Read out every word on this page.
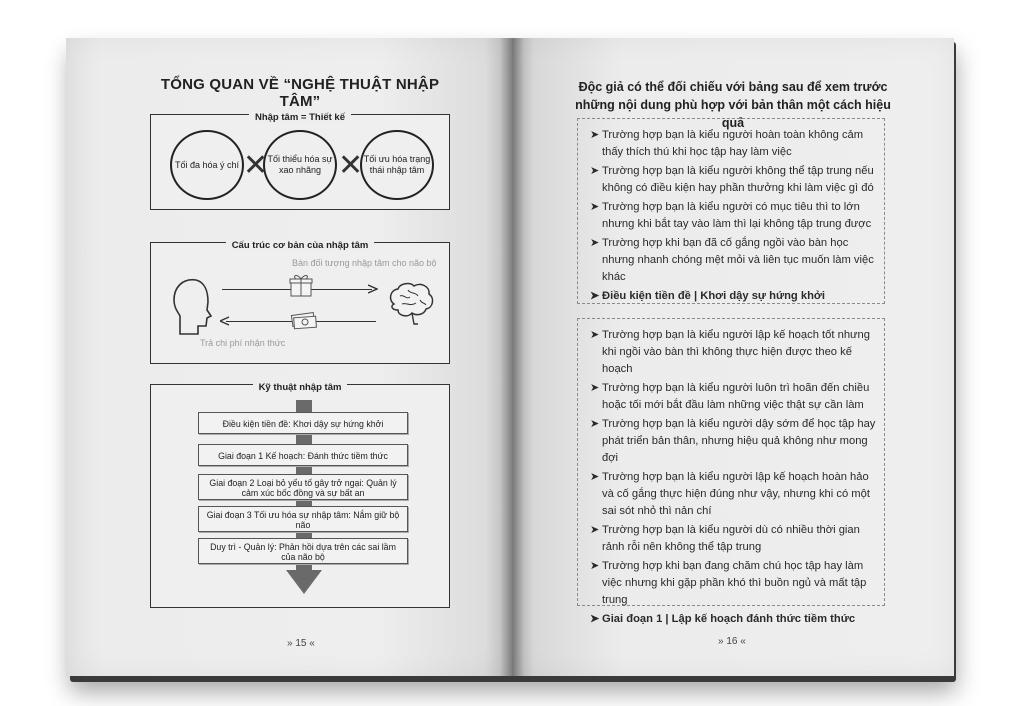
TỔNG QUAN VỀ “NGHỆ THUẬT NHẬP TÂM”
Nhập tâm = Thiết kế
Tối đa hóa ý chí ✕ Tối thiểu hóa sự xao nhãng ✕ Tối ưu hóa trạng thái nhập tâm
Cấu trúc cơ bản của nhập tâm
Bán đối tượng nhập tâm cho não bộ
Trả chi phí nhận thức
Kỹ thuật nhập tâm
Điều kiện tiền đề: Khơi dậy sự hứng khởi
Giai đoạn 1 Kế hoạch: Đánh thức tiềm thức
Giai đoạn 2 Loại bỏ yếu tố gây trở ngại: Quản lý cảm xúc bốc đồng và sự bất an
Giai đoạn 3 Tối ưu hóa sự nhập tâm: Nắm giữ bộ não
Duy trì - Quản lý: Phản hồi dựa trên các sai lầm của não bộ
» 15 «
Độc giả có thể đối chiếu với bảng sau để xem trước những nội dung phù hợp với bản thân một cách hiệu quả
➤ Trường hợp bạn là kiểu người hoàn toàn không cảm thấy thích thú khi học tập hay làm việc
➤ Trường hợp bạn là kiểu người không thể tập trung nếu không có điều kiện hay phần thưởng khi làm việc gì đó
➤ Trường hợp bạn là kiểu người có mục tiêu thì to lớn nhưng khi bắt tay vào làm thì lại không tập trung được
➤ Trường hợp khi bạn đã cố gắng ngồi vào bàn học nhưng nhanh chóng mệt mỏi và liên tục muốn làm việc khác
➤ Điều kiện tiền đề | Khơi dậy sự hứng khởi
➤ Trường hợp bạn là kiểu người lập kế hoạch tốt nhưng khi ngồi vào bàn thì không thực hiện được theo kế hoạch
➤ Trường hợp bạn là kiểu người luôn trì hoãn đến chiều hoặc tối mới bắt đầu làm những việc thật sự cần làm
➤ Trường hợp bạn là kiểu người dậy sớm để học tập hay phát triển bản thân, nhưng hiệu quả không như mong đợi
➤ Trường hợp bạn là kiểu người lập kế hoạch hoàn hảo và cố gắng thực hiện đúng như vậy, nhưng khi có một sai sót nhỏ thì nản chí
➤ Trường hợp bạn là kiểu người dù có nhiều thời gian rảnh rỗi nên không thể tập trung
➤ Trường hợp khi bạn đang chăm chú học tập hay làm việc nhưng khi gặp phần khó thì buồn ngủ và mất tập trung
➤ Giai đoạn 1 | Lập kế hoạch đánh thức tiềm thức
» 16 «
